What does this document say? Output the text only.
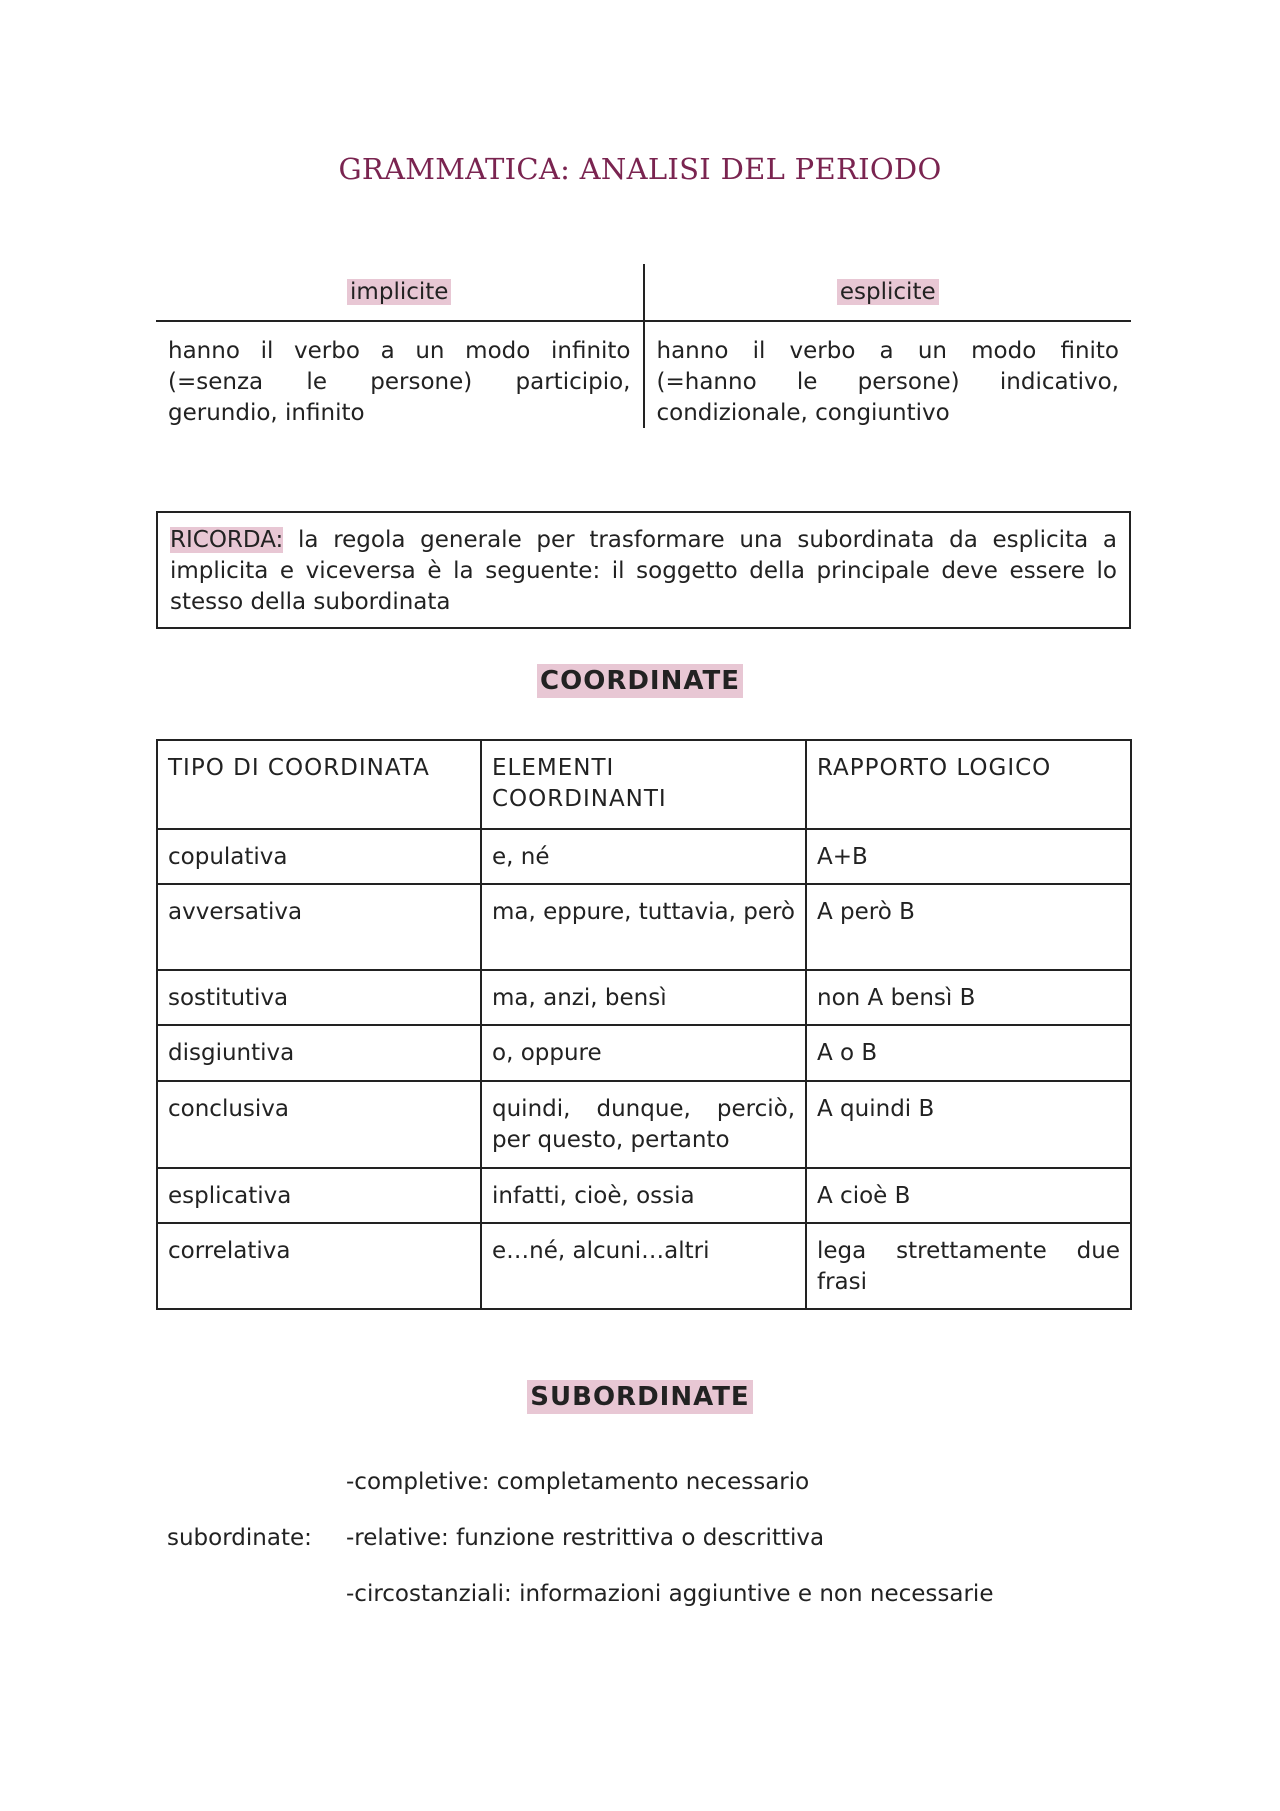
GRAMMATICA: ANALISI DEL PERIODO
implicite	esplicite
hanno il verbo a un modo infinito (=senza le persone) participio, gerundio, infinito
hanno il verbo a un modo finito (=hanno le persone) indicativo, condizionale, congiuntivo
RICORDA: la regola generale per trasformare una subordinata da esplicita a implicita e viceversa è la seguente: il soggetto della principale deve essere lo stesso della subordinata
COORDINATE
TIPO DI COORDINATA	ELEMENTI COORDINANTI	RAPPORTO LOGICO
copulativa	e, né	A+B
avversativa	ma, eppure, tuttavia, però	A però B
sostitutiva	ma, anzi, bensì	non A bensì B
disgiuntiva	o, oppure	A o B
conclusiva	quindi, dunque, perciò, per questo, pertanto	A quindi B
esplicativa	infatti, cioè, ossia	A cioè B
correlativa	e…né, alcuni…altri	lega strettamente due frasi
SUBORDINATE
subordinate:
-completive: completamento necessario
-relative: funzione restrittiva o descrittiva
-circostanziali: informazioni aggiuntive e non necessarie
